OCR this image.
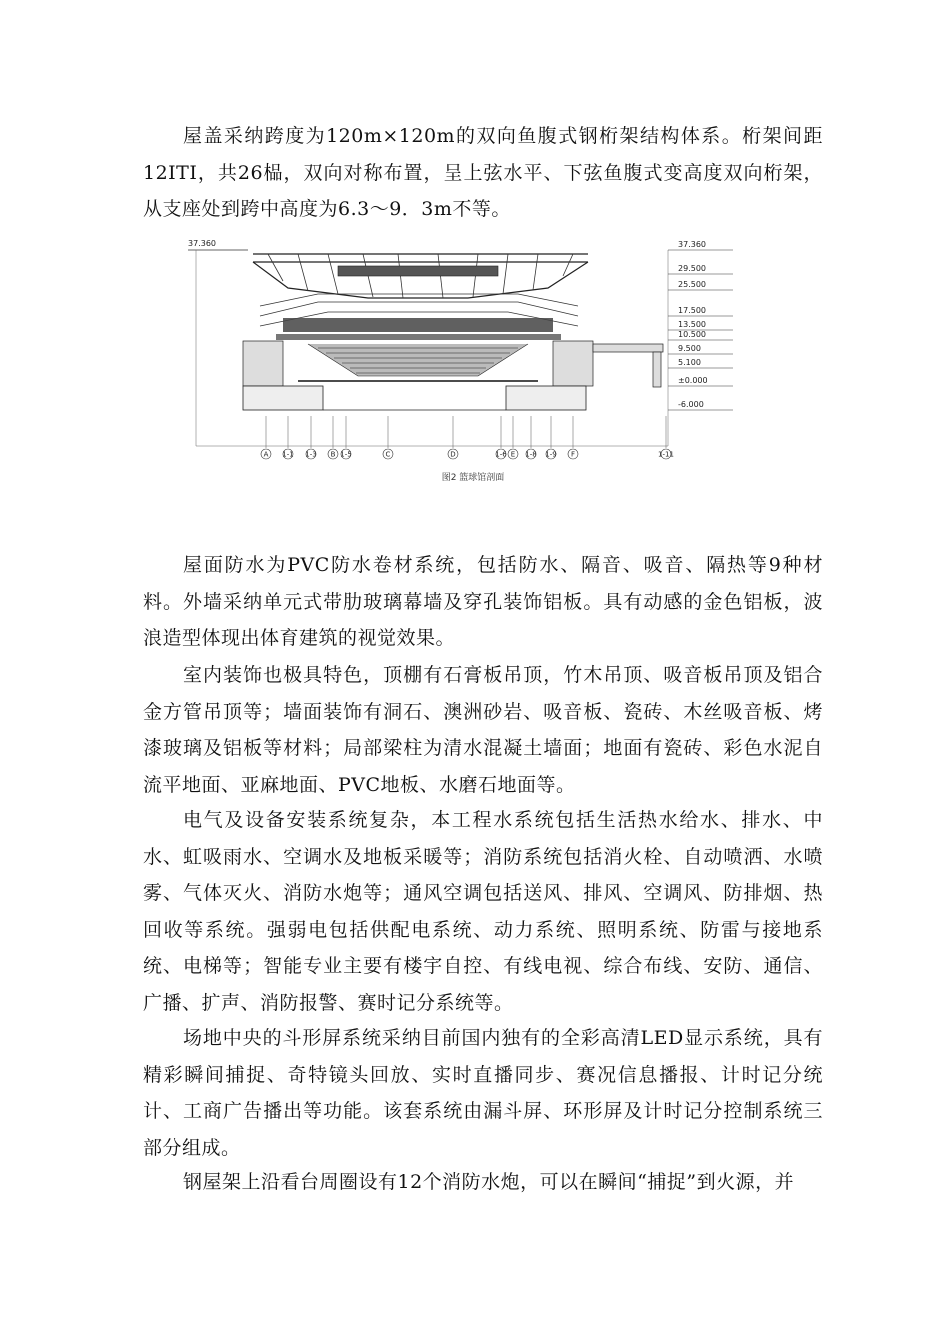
屋盖采纳跨度为120m×120m的双向鱼腹式钢桁架结构体系。桁架间距12ITI，共26榀，双向对称布置，呈上弦水平、下弦鱼腹式变高度双向桁架，从支座处到跨中高度为6.3～9．3m不等。

37.360	37.360
29.500
25.500
17.500
13.500
10.500
9.500
5.100
±0.000
-6.000
A 1-1 1-3 B 1-5	C	D	1-6 E 1-8 1-9 F	1-11
图2 篮球馆剖面

屋面防水为PVC防水卷材系统，包括防水、隔音、吸音、隔热等9种材料。外墙采纳单元式带肋玻璃幕墙及穿孔装饰铝板。具有动感的金色铝板，波浪造型体现出体育建筑的视觉效果。

室内装饰也极具特色，顶棚有石膏板吊顶，竹木吊顶、吸音板吊顶及铝合金方管吊顶等；墙面装饰有洞石、澳洲砂岩、吸音板、瓷砖、木丝吸音板、烤漆玻璃及铝板等材料；局部梁柱为清水混凝土墙面；地面有瓷砖、彩色水泥自流平地面、亚麻地面、PVC地板、水磨石地面等。

电气及设备安装系统复杂，本工程水系统包括生活热水给水、排水、中水、虹吸雨水、空调水及地板采暖等；消防系统包括消火栓、自动喷洒、水喷雾、气体灭火、消防水炮等；通风空调包括送风、排风、空调风、防排烟、热回收等系统。强弱电包括供配电系统、动力系统、照明系统、防雷与接地系统、电梯等；智能专业主要有楼宇自控、有线电视、综合布线、安防、通信、广播、扩声、消防报警、赛时记分系统等。

场地中央的斗形屏系统采纳目前国内独有的全彩高清LED显示系统，具有精彩瞬间捕捉、奇特镜头回放、实时直播同步、赛况信息播报、计时记分统计、工商广告播出等功能。该套系统由漏斗屏、环形屏及计时记分控制系统三部分组成。

钢屋架上沿看台周圈设有12个消防水炮，可以在瞬间“捕捉”到火源，并
